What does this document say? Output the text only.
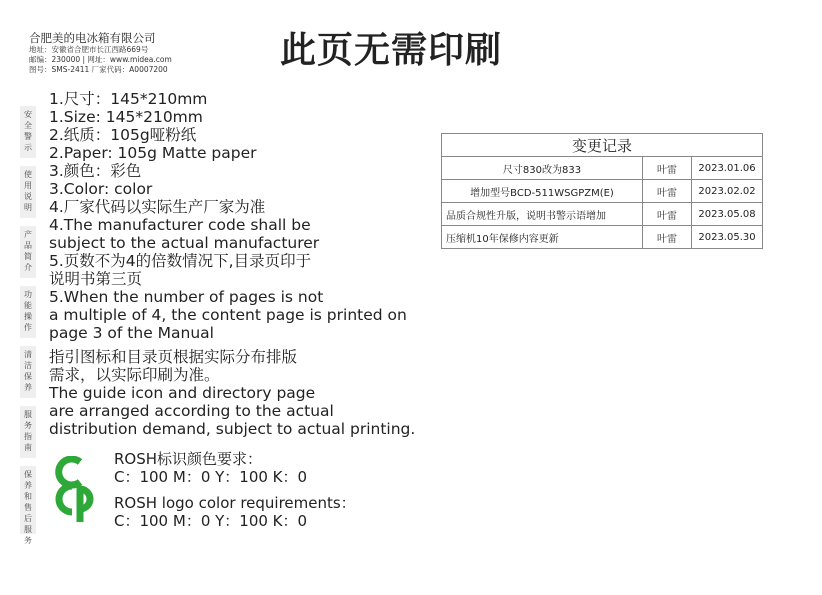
合肥美的电冰箱有限公司
地址：安徽省合肥市长江西路669号
邮编：230000 | 网址：www.midea.com
图号：SMS-2411 厂家代码：A0007200	此页无需印刷
安全警示
使用说明
产品简介
功能操作
清洁保养
服务指南
保养和售后服务
1.尺寸：145*210mm
1.Size: 145*210mm
2.纸质：105g哑粉纸
2.Paper: 105g Matte paper
3.颜色：彩色
3.Color: color
4.厂家代码以实际生产厂家为准
4.The manufacturer code shall be
subject to the actual manufacturer
5.页数不为4的倍数情况下,目录页印于
说明书第三页
5.When the number of pages is not
a multiple of 4, the content page is printed on
page 3 of the Manual
指引图标和目录页根据实际分布排版
需求，以实际印刷为准。
The guide icon and directory page
are arranged according to the actual
distribution demand, subject to actual printing.
ROSH标识颜色要求：
C：100 M：0 Y：100 K：0
ROSH logo color requirements：
C：100 M：0 Y：100 K：0
变更记录		
尺寸830改为833	叶雷	2023.01.06
增加型号BCD-511WSGPZM(E)	叶雷	2023.02.02
品质合规性升版，说明书警示语增加	叶雷	2023.05.08
压缩机10年保修内容更新	叶雷	2023.05.30
